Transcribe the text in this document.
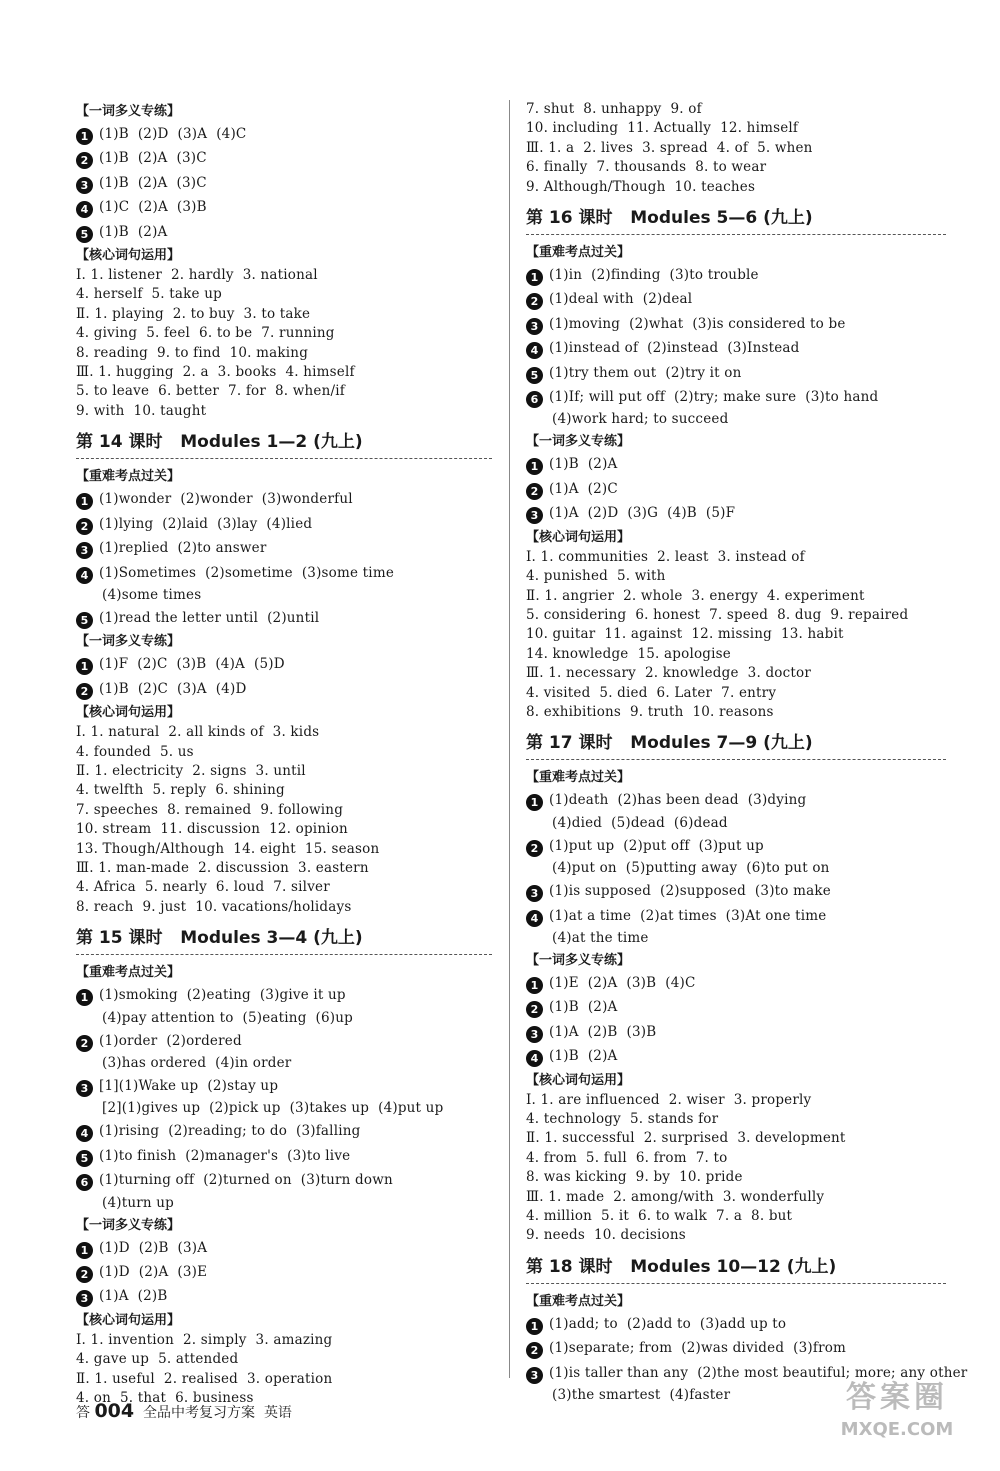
【一词多义专练】
1 (1)B  (2)D  (3)A  (4)C
2 (1)B  (2)A  (3)C
3 (1)B  (2)A  (3)C
4 (1)C  (2)A  (3)B
5 (1)B  (2)A
【核心词句运用】
Ⅰ. 1. listener  2. hardly  3. national
4. herself  5. take up
Ⅱ. 1. playing  2. to buy  3. to take
4. giving  5. feel  6. to be  7. running
8. reading  9. to find  10. making
Ⅲ. 1. hugging  2. a  3. books  4. himself
5. to leave  6. better  7. for  8. when/if
9. with  10. taught
第 14 课时   Modules 1—2 (九上)
【重难考点过关】
1 (1)wonder  (2)wonder  (3)wonderful
2 (1)lying  (2)laid  (3)lay  (4)lied
3 (1)replied  (2)to answer
4 (1)Sometimes  (2)sometime  (3)some time
(4)some times
5 (1)read the letter until  (2)until
【一词多义专练】
1 (1)F  (2)C  (3)B  (4)A  (5)D
2 (1)B  (2)C  (3)A  (4)D
【核心词句运用】
Ⅰ. 1. natural  2. all kinds of  3. kids
4. founded  5. us
Ⅱ. 1. electricity  2. signs  3. until
4. twelfth  5. reply  6. shining
7. speeches  8. remained  9. following
10. stream  11. discussion  12. opinion
13. Though/Although  14. eight  15. season
Ⅲ. 1. man-made  2. discussion  3. eastern
4. Africa  5. nearly  6. loud  7. silver
8. reach  9. just  10. vacations/holidays
第 15 课时   Modules 3—4 (九上)
【重难考点过关】
1 (1)smoking  (2)eating  (3)give it up
(4)pay attention to  (5)eating  (6)up
2 (1)order  (2)ordered
(3)has ordered  (4)in order
3 [1](1)Wake up  (2)stay up
[2](1)gives up  (2)pick up  (3)takes up  (4)put up
4 (1)rising  (2)reading; to do  (3)falling
5 (1)to finish  (2)manager's  (3)to live
6 (1)turning off  (2)turned on  (3)turn down
(4)turn up
【一词多义专练】
1 (1)D  (2)B  (3)A
2 (1)D  (2)A  (3)E
3 (1)A  (2)B
【核心词句运用】
Ⅰ. 1. invention  2. simply  3. amazing
4. gave up  5. attended
Ⅱ. 1. useful  2. realised  3. operation
4. on  5. that  6. business
7. shut  8. unhappy  9. of
10. including  11. Actually  12. himself
Ⅲ. 1. a  2. lives  3. spread  4. of  5. when
6. finally  7. thousands  8. to wear
9. Although/Though  10. teaches
第 16 课时   Modules 5—6 (九上)
【重难考点过关】
1 (1)in  (2)finding  (3)to trouble
2 (1)deal with  (2)deal
3 (1)moving  (2)what  (3)is considered to be
4 (1)instead of  (2)instead  (3)Instead
5 (1)try them out  (2)try it on
6 (1)If; will put off  (2)try; make sure  (3)to hand
(4)work hard; to succeed
【一词多义专练】
1 (1)B  (2)A
2 (1)A  (2)C
3 (1)A  (2)D  (3)G  (4)B  (5)F
【核心词句运用】
Ⅰ. 1. communities  2. least  3. instead of
4. punished  5. with
Ⅱ. 1. angrier  2. whole  3. energy  4. experiment
5. considering  6. honest  7. speed  8. dug  9. repaired
10. guitar  11. against  12. missing  13. habit
14. knowledge  15. apologise
Ⅲ. 1. necessary  2. knowledge  3. doctor
4. visited  5. died  6. Later  7. entry
8. exhibitions  9. truth  10. reasons
第 17 课时   Modules 7—9 (九上)
【重难考点过关】
1 (1)death  (2)has been dead  (3)dying
(4)died  (5)dead  (6)dead
2 (1)put up  (2)put off  (3)put up
(4)put on  (5)putting away  (6)to put on
3 (1)is supposed  (2)supposed  (3)to make
4 (1)at a time  (2)at times  (3)At one time
(4)at the time
【一词多义专练】
1 (1)E  (2)A  (3)B  (4)C
2 (1)B  (2)A
3 (1)A  (2)B  (3)B
4 (1)B  (2)A
【核心词句运用】
Ⅰ. 1. are influenced  2. wiser  3. properly
4. technology  5. stands for
Ⅱ. 1. successful  2. surprised  3. development
4. from  5. full  6. from  7. to
8. was kicking  9. by  10. pride
Ⅲ. 1. made  2. among/with  3. wonderfully
4. million  5. it  6. to walk  7. a  8. but
9. needs  10. decisions
第 18 课时   Modules 10—12 (九上)
【重难考点过关】
1 (1)add; to  (2)add to  (3)add up to
2 (1)separate; from  (2)was divided  (3)from
3 (1)is taller than any  (2)the most beautiful; more; any other
(3)the smartest  (4)faster
答 004 全品中考复习方案 英语	答案圈
MXQE.COM
